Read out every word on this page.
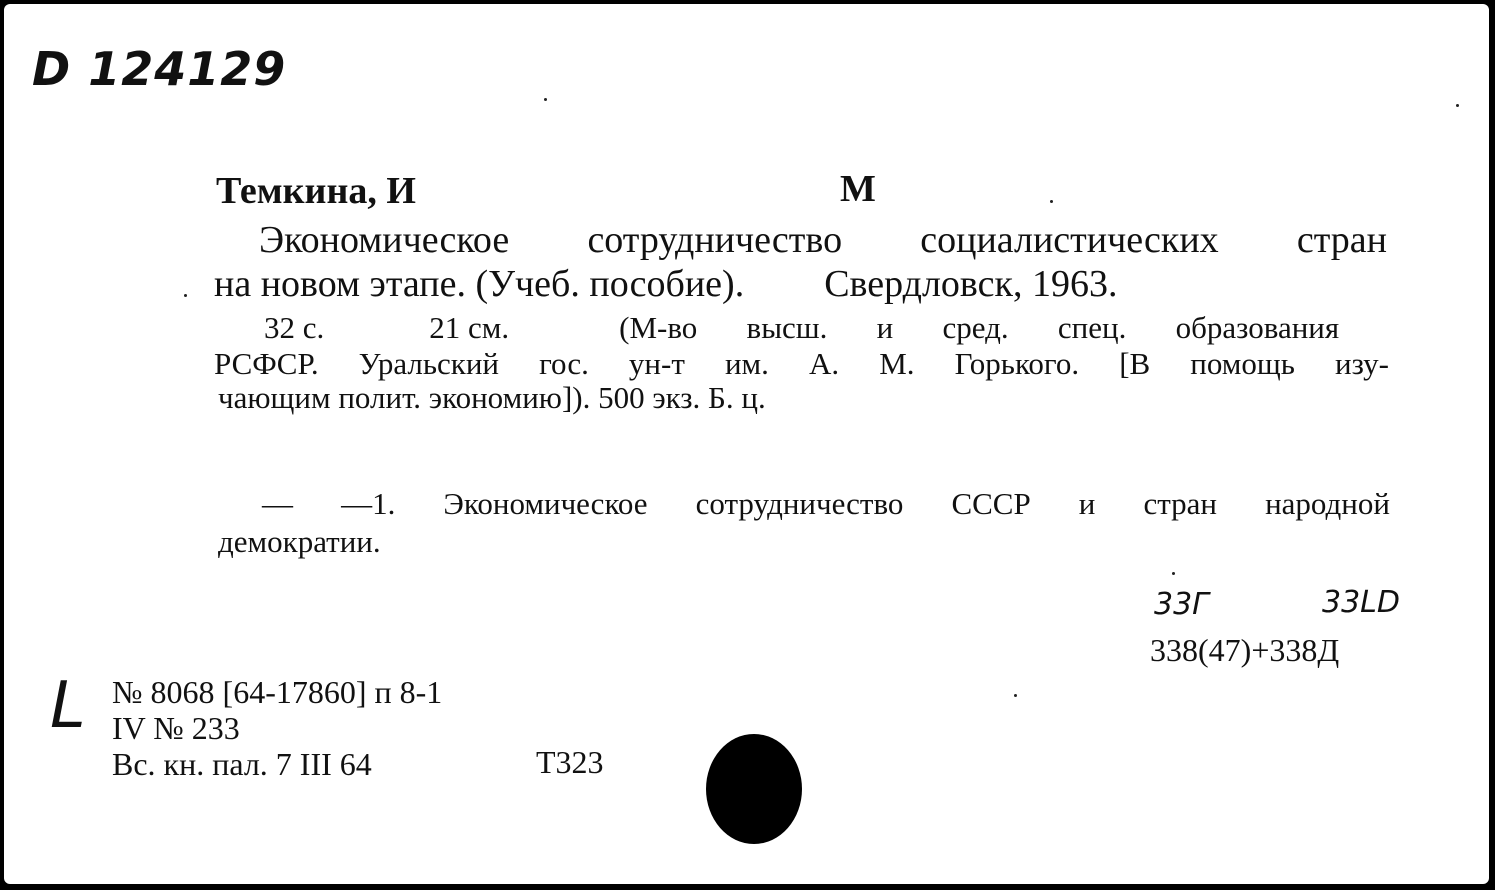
D 124129
Темкина, И	М
Экономическое сотрудничество социалистических стран
на новом этапе. (Учеб. пособие). Свердловск, 1963.
32 с.	21 см.	(М-во высш. и сред. спец. образования
РСФСР. Уральский гос. ун-т им. А. М. Горького. [В помощь изу-
чающим полит. экономию]). 500 экз. Б. ц.
— —1. Экономическое сотрудничество СССР и стран народной
демократии.
33Г	33LD
338(47)+338Д
L № 8068 [64-17860] п 8-1
IV № 233
Вс. кн. пал. 7 III 64	Т323
